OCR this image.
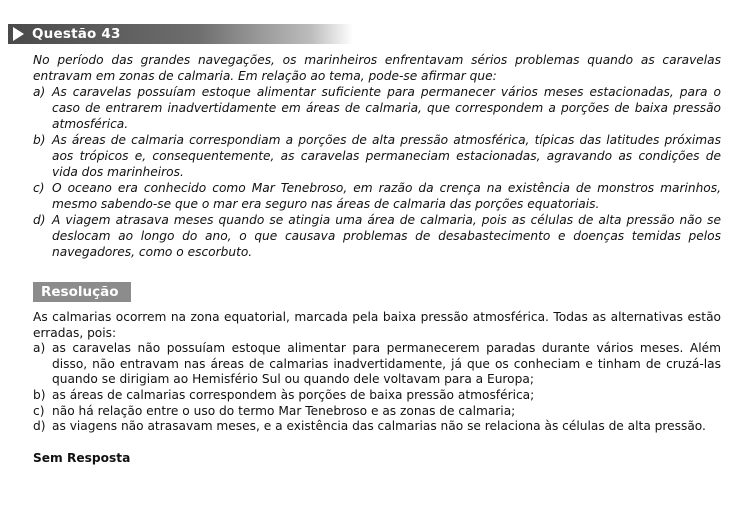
Questão 43

No período das grandes navegações, os marinheiros enfrentavam sérios problemas quando as caravelas entravam em zonas de calmaria. Em relação ao tema, pode-se afirmar que:

a) As caravelas possuíam estoque alimentar suficiente para permanecer vários meses estacionadas, para o caso de entrarem inadvertidamente em áreas de calmaria, que correspondem a porções de baixa pressão atmosférica.
b) As áreas de calmaria correspondiam a porções de alta pressão atmosférica, típicas das latitudes próximas aos trópicos e, consequentemente, as caravelas permaneciam estacionadas, agravando as condições de vida dos marinheiros.
c) O oceano era conhecido como Mar Tenebroso, em razão da crença na existência de monstros marinhos, mesmo sabendo-se que o mar era seguro nas áreas de calmaria das porções equatoriais.
d) A viagem atrasava meses quando se atingia uma área de calmaria, pois as células de alta pressão não se deslocam ao longo do ano, o que causava problemas de desabastecimento e doenças temidas pelos navegadores, como o escorbuto.
Resolução

As calmarias ocorrem na zona equatorial, marcada pela baixa pressão atmosférica. Todas as alternativas estão erradas, pois:

a) as caravelas não possuíam estoque alimentar para permanecerem paradas durante vários meses. Além disso, não entravam nas áreas de calmarias inadvertidamente, já que os conheciam e tinham de cruzá-las quando se dirigiam ao Hemisfério Sul ou quando dele voltavam para a Europa;
b) as áreas de calmarias correspondem às porções de baixa pressão atmosférica;
c) não há relação entre o uso do termo Mar Tenebroso e as zonas de calmaria;
d) as viagens não atrasavam meses, e a existência das calmarias não se relaciona às células de alta pressão.
Sem Resposta
